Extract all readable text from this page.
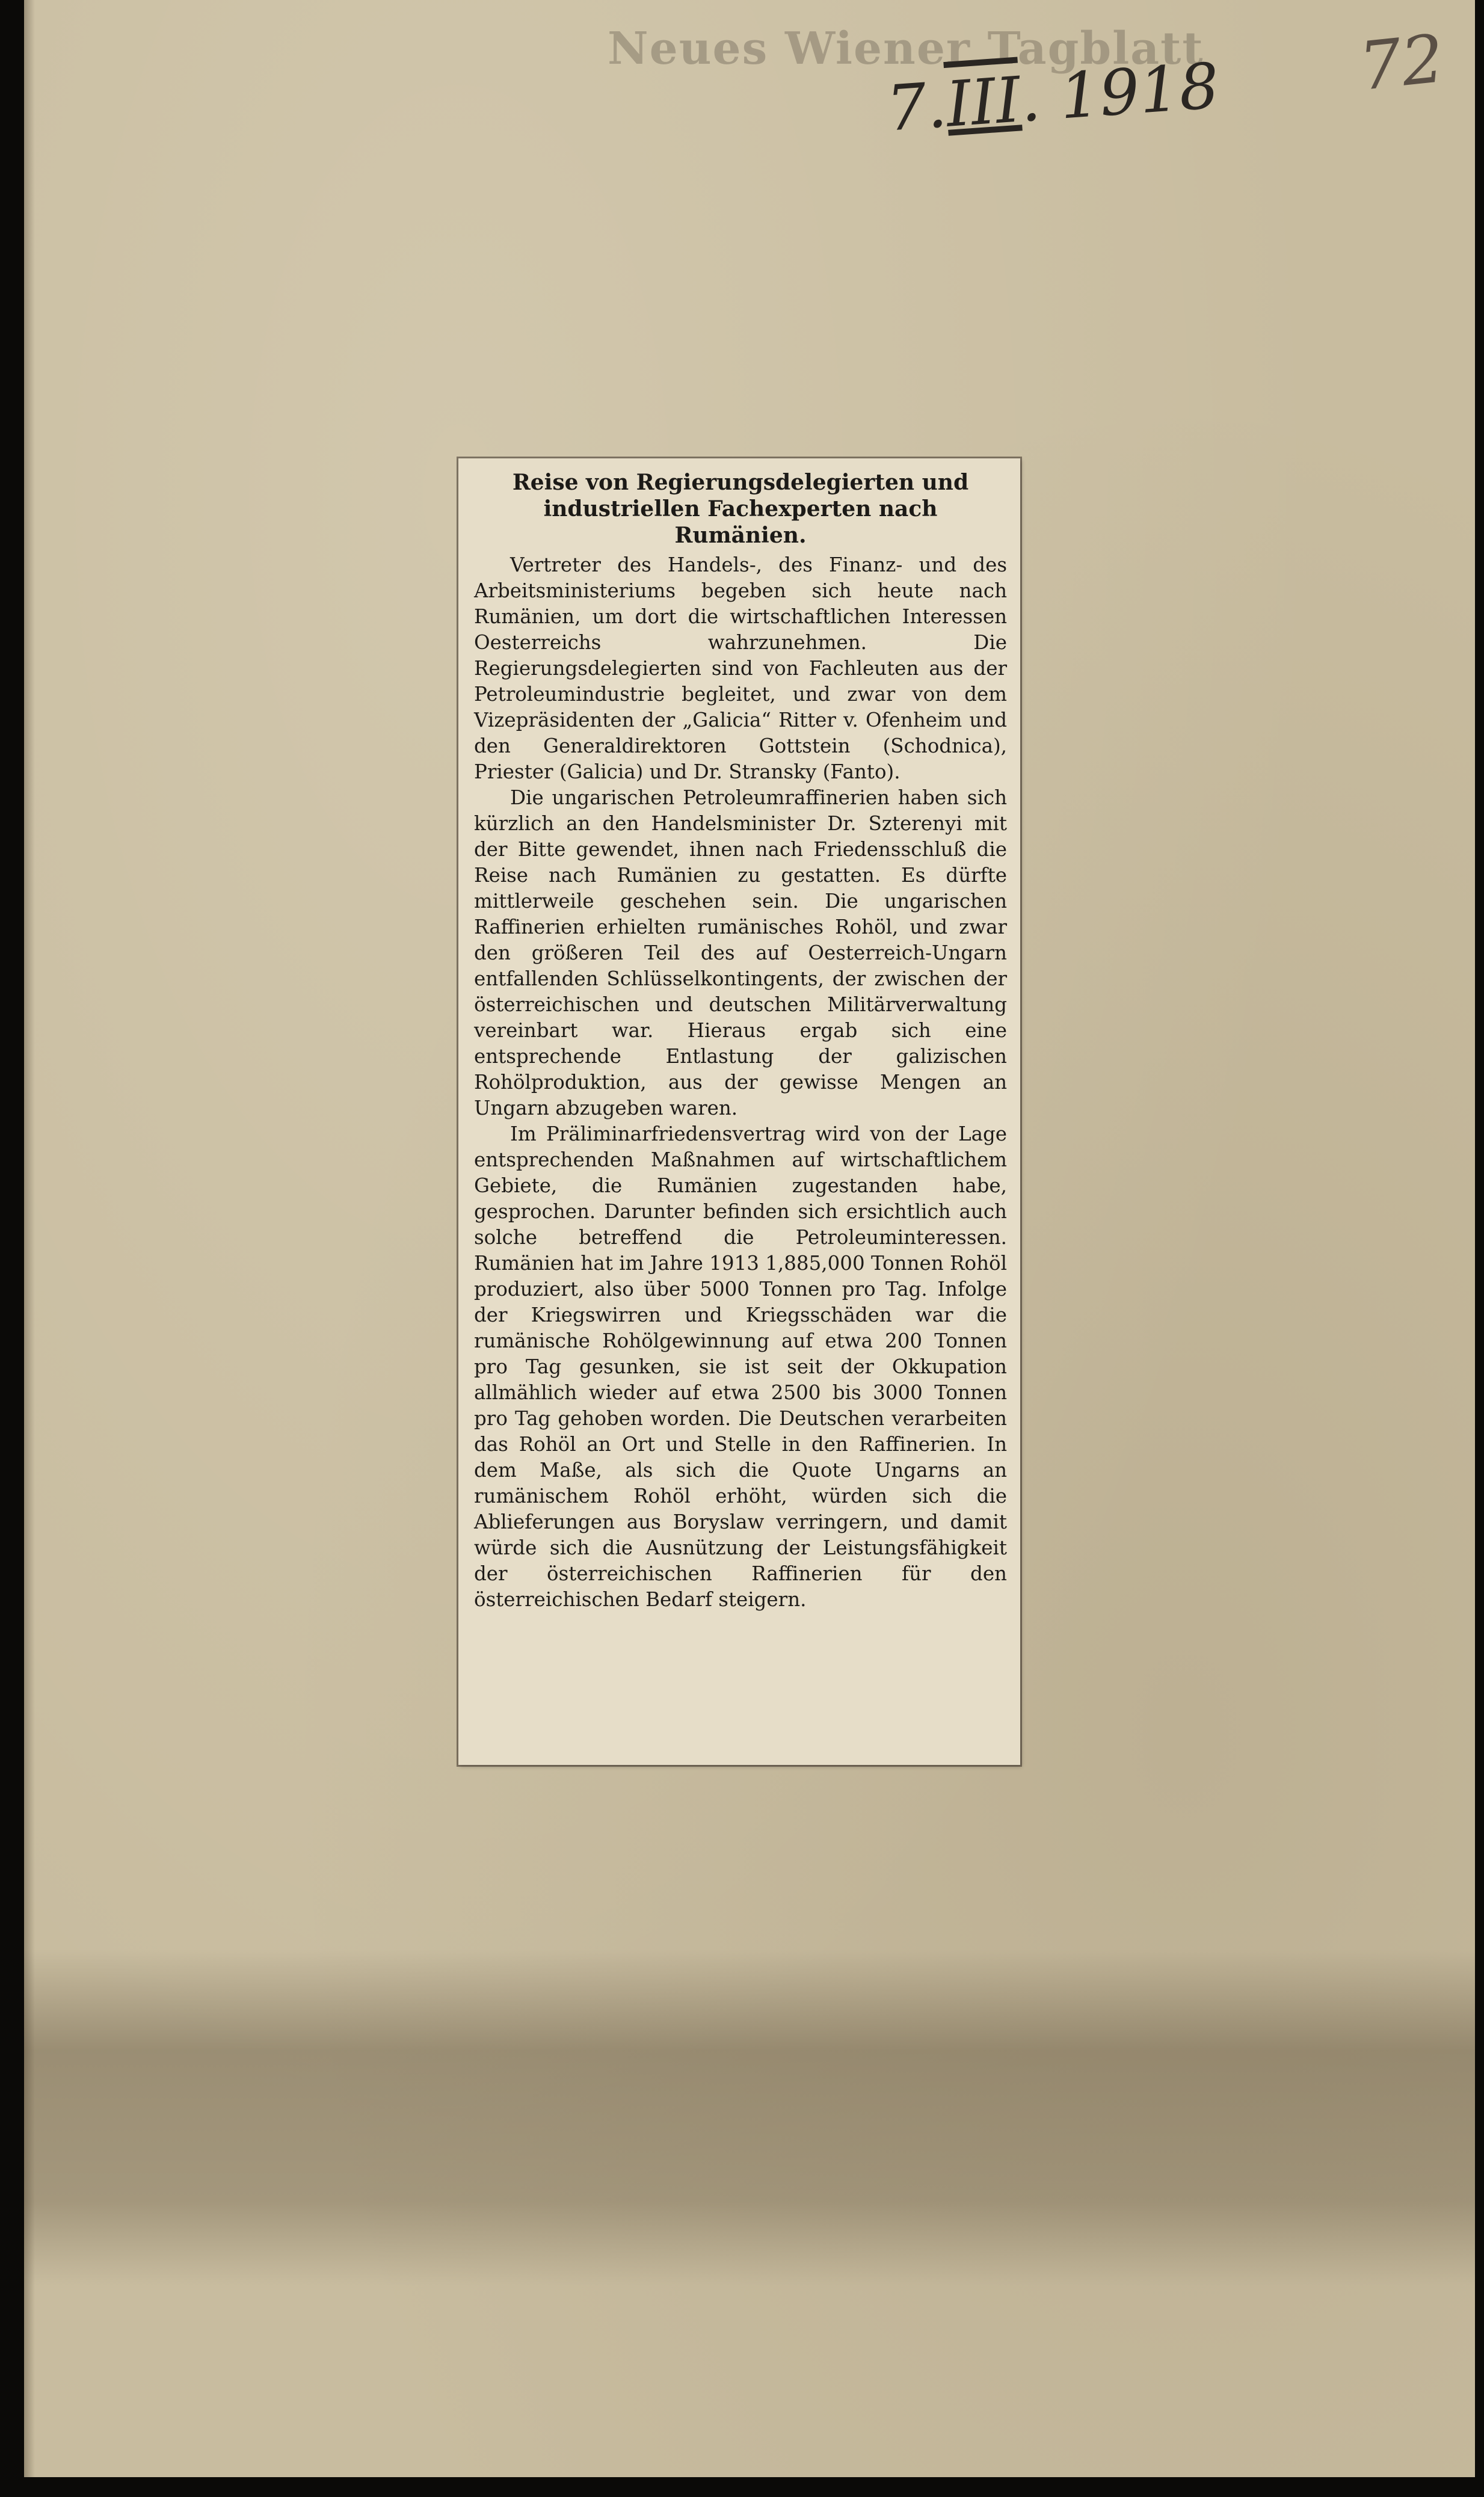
Neues Wiener Tagblatt
7.III. 1918 72
Reise von Regierungsdelegierten und industriellen Fachexperten nach Rumänien.

Vertreter des Handels-, des Finanz- und des Arbeitsministeriums begeben sich heute nach Rumänien, um dort die wirtschaftlichen Interessen Oesterreichs wahrzunehmen. Die Regierungsdelegierten sind von Fachleuten aus der Petroleumindustrie begleitet, und zwar von dem Vizepräsidenten der „Galicia“ Ritter v. Ofenheim und den Generaldirektoren Gottstein (Schodnica), Priester (Galicia) und Dr. Stransky (Fanto).

Die ungarischen Petroleumraffinerien haben sich kürzlich an den Handelsminister Dr. Szterenyi mit der Bitte gewendet, ihnen nach Friedensschluß die Reise nach Rumänien zu gestatten. Es dürfte mittlerweile geschehen sein. Die ungarischen Raffinerien erhielten rumänisches Rohöl, und zwar den größeren Teil des auf Oesterreich-Ungarn entfallenden Schlüsselkontingents, der zwischen der österreichischen und deutschen Militärverwaltung vereinbart war. Hieraus ergab sich eine entsprechende Entlastung der galizischen Rohölproduktion, aus der gewisse Mengen an Ungarn abzugeben waren.

Im Präliminarfriedensvertrag wird von der Lage entsprechenden Maßnahmen auf wirtschaftlichem Gebiete, die Rumänien zugestanden habe, gesprochen. Darunter befinden sich ersichtlich auch solche betreffend die Petroleuminteressen. Rumänien hat im Jahre 1913 1,885,000 Tonnen Rohöl produziert, also über 5000 Tonnen pro Tag. Infolge der Kriegswirren und Kriegsschäden war die rumänische Rohölgewinnung auf etwa 200 Tonnen pro Tag gesunken, sie ist seit der Okkupation allmählich wieder auf etwa 2500 bis 3000 Tonnen pro Tag gehoben worden. Die Deutschen verarbeiten das Rohöl an Ort und Stelle in den Raffinerien. In dem Maße, als sich die Quote Ungarns an rumänischem Rohöl erhöht, würden sich die Ablieferungen aus Boryslaw verringern, und damit würde sich die Ausnützung der Leistungsfähigkeit der österreichischen Raffinerien für den österreichischen Bedarf steigern.
